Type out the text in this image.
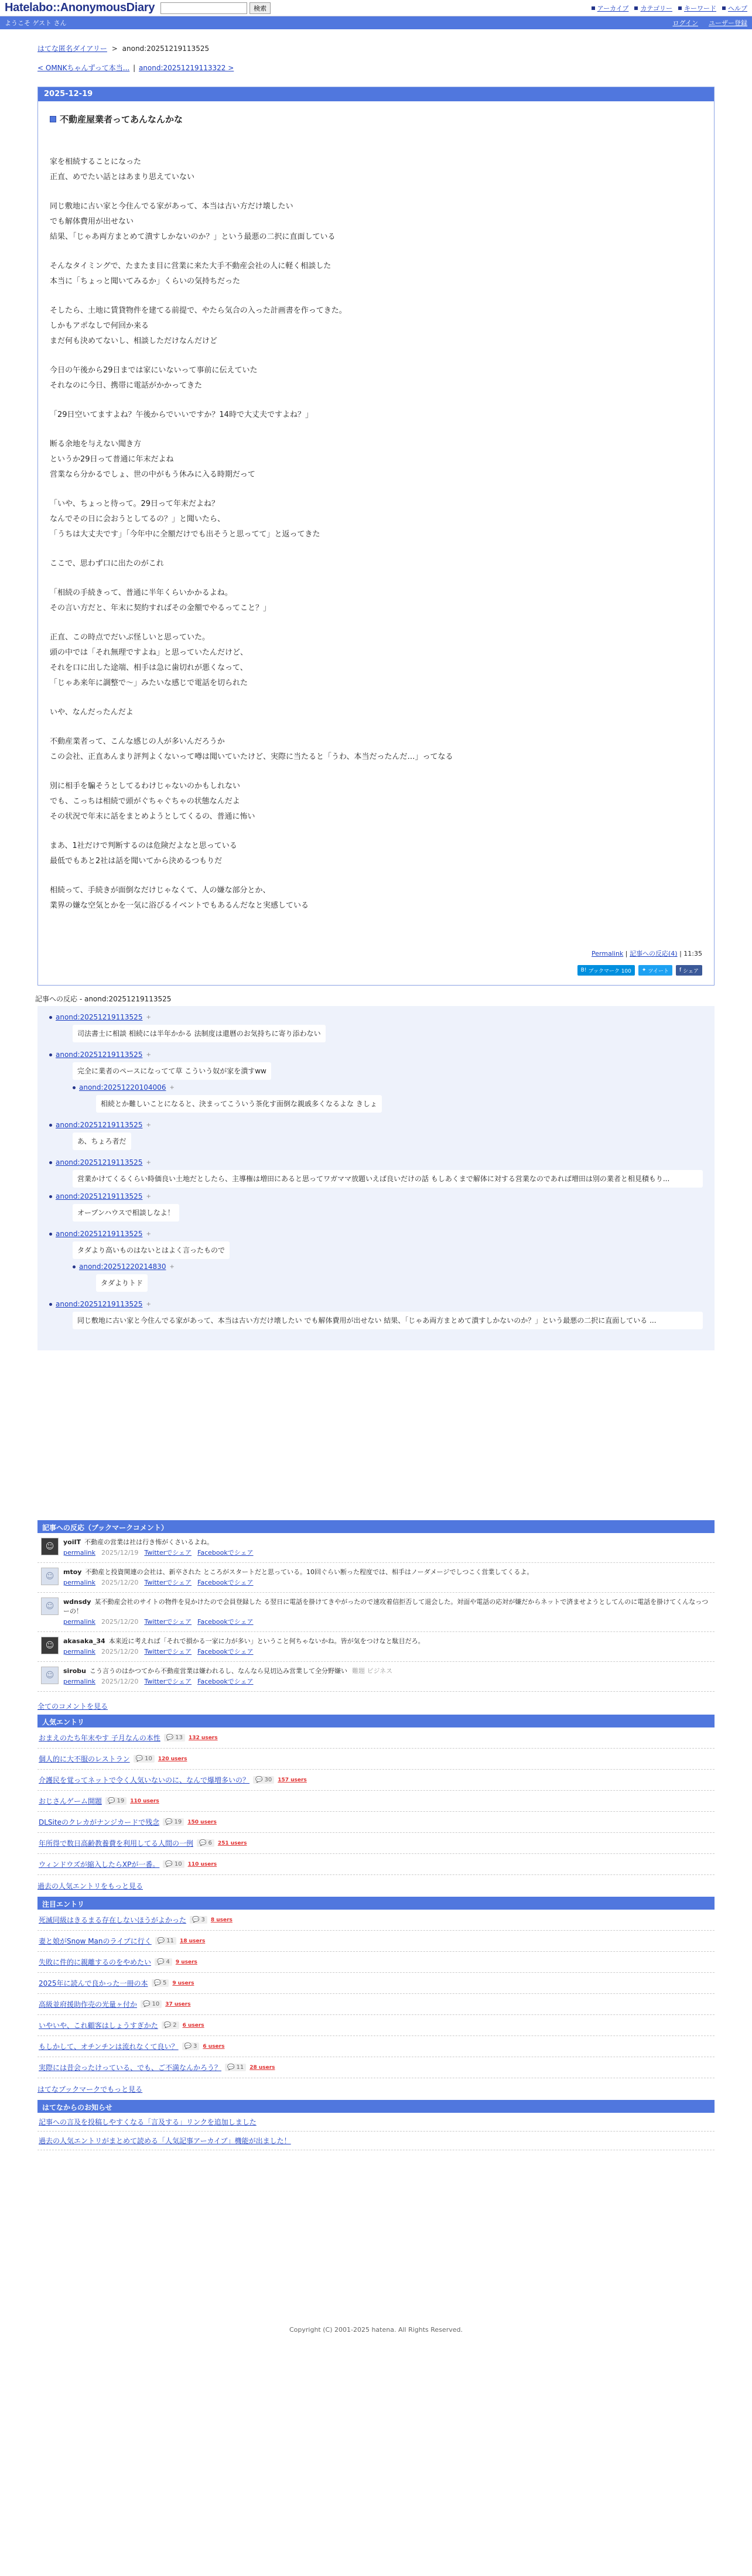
Hatelabo::AnonymousDiary	検索	アーカイブ カテゴリー キーワード ヘルプ
ようこそ ゲスト さん	ログイン ユーザー登録
はてな匿名ダイアリー > anond:20251219113525
< OMNKちゃんずって本当... | anond:20251219113322 >
2025-12-19
不動産屋業者ってあんなんかな
家を相続することになった
正直、めでたい話とはあまり思えていない
同じ敷地に古い家と今住んでる家があって、本当は古い方だけ壊したい
でも解体費用が出せない
結果、「じゃあ両方まとめて潰すしかないのか？」という最悪の二択に直面している
そんなタイミングで、たまたま目に営業に来た大手不動産会社の人に軽く相談した
本当に「ちょっと聞いてみるか」くらいの気持ちだった
そしたら、土地に賃貸物件を建てる前提で、やたら気合の入った計画書を作ってきた。
しかもアポなしで何回か来る
まだ何も決めてないし、相談しただけなんだけど
今日の午後から29日までは家にいないって事前に伝えていた
それなのに今日、携帯に電話がかかってきた
「29日空いてますよね？午後からでいいですか？14時で大丈夫ですよね？」
断る余地を与えない聞き方
というか29日って普通に年末だよね
営業なら分かるでしょ、世の中がもう休みに入る時期だって
「いや、ちょっと待って。29日って年末だよね？
なんでその日に会おうとしてるの？」と聞いたら、
「うちは大丈夫です」「今年中に全額だけでも出そうと思ってて」と返ってきた
ここで、思わず口に出たのがこれ
「相続の手続きって、普通に半年くらいかかるよね。
その言い方だと、年末に契約すればその金額でやるってこと？」
正直、この時点でだいぶ怪しいと思っていた。
頭の中では「それ無理ですよね」と思っていたんだけど、
それを口に出した途端、相手は急に歯切れが悪くなって、
「じゃあ来年に調整で〜」みたいな感じで電話を切られた
いや、なんだったんだよ
不動産業者って、こんな感じの人が多いんだろうか
この会社、正直あんまり評判よくないって噂は聞いていたけど、実際に当たると「うわ、本当だったんだ…」ってなる
別に相手を騙そうとしてるわけじゃないのかもしれない
でも、こっちは相続で頭がぐちゃぐちゃの状態なんだよ
その状況で年末に話をまとめようとしてくるの、普通に怖い
まあ、1社だけで判断するのは危険だよなと思っている
最低でもあと2社は話を聞いてから決めるつもりだ
相続って、手続きが面倒なだけじゃなくて、人の嫌な部分とか、
業界の嫌な空気とかを一気に浴びるイベントでもあるんだなと実感している
Permalink | 記事への反応(4) | 11:35
B! ブックマーク 100 ✦ ツイート f シェア
記事への反応 - anond:20251219113525
anond:20251219113525 +
司法書士に相談 相続には半年かかる 法制度は還暦のお気持ちに寄り添わない
anond:20251219113525 +
完全に業者のペースになってて草 こういう奴が家を潰すww
anond:20251220104006 +
相続とか難しいことになると、決まってこういう茶化す面倒な親戚多くなるよな きしょ
anond:20251219113525 +
あ、ちょろ者だ
anond:20251219113525 +
営業かけてくるくらい時価良い土地だとしたら、主導権は増田にあると思ってワガママ放題いえば良いだけの話 もしあくまで解体に対する営業なのであれば増田は別の業者と相見積もり...
anond:20251219113525 +
オープンハウスで相談しなよ！
anond:20251219113525 +
タダより高いものはないとはよく言ったもので
anond:20251220214830 +
タダよりトド
anond:20251219113525 +
同じ敷地に古い家と今住んでる家があって、本当は古い方だけ壊したい でも解体費用が出せない 結果、「じゃあ両方まとめて潰すしかないのか？」という最悪の二択に直面している ...
記事への反応（ブックマークコメント）
☺	yoiIT 不動産の営業は社は行き怖がくさいるよね。
permalink 2025/12/19 Twitterでシェア Facebookでシェア
☺	mtoy 不動産と投資関連の会社は、新卒された ところがスタートだと思っている。10回ぐらい断った程度では、相手はノーダメージでしつこく営業してくるよ。
permalink 2025/12/20 Twitterでシェア Facebookでシェア
☺	wdnsdy 某不動産会社のサイトの物件を見かけたので会員登録した る翌日に電話を掛けてきやがったので速攻着信拒否して退会した。対面や電話の応対が嫌だからネットで済ませようとしてんのに電話を掛けてくんなっつーの！
permalink 2025/12/20 Twitterでシェア Facebookでシェア
☺	akasaka_34 本来近に考えれば「それで損かる一家に力が多い」ということ何ちゃないかね。皆が気をつけなと駄目だろ。
permalink 2025/12/20 Twitterでシェア Facebookでシェア
☺	sirobu こう言うのはかつてから不動産営業は嫌われるし、なんなら見切込み営業して全分野嫌い 難題 ビジネス
permalink 2025/12/20 Twitterでシェア Facebookでシェア
全てのコメントを見る
人気エントリ
おまえのたち年末やす 子月なんの本性 💬 13 132 users
個人的に大不服のレストラン 💬 10 120 users
介護民を覚ってネットで令く人気いないのに、なんで爆増多いの？ 💬 30 157 users
おじさんゲーム開題 💬 19 110 users
DLSiteのクレカがナンジカードで残念 💬 19 150 users
年所得で数日高齢教養費を利用してる人間の一例 💬 6 251 users
ウィンドウズが縮入したらXPが一番。 💬 10 110 users
過去の人気エントリをもっと見る
注目エントリ
死滅同級はきるまる存在しないほうがよかった 💬 3 8 users
妻と娘がSnow Manのライブに行く 💬 11 18 users
失敗に件的に親離するのをやめたい 💬 4 9 users
2025年に読んで良かった一冊の本 💬 5 9 users
高級並府援助作売の光量ヶ付か 💬 10 37 users
いやいや、これ顧客はしょうすぎかた 💬 2 6 users
もしかして、オチンチンは流れなくて良い？ 💬 3 6 users
実際には昔会ったけっている、でも、ご不満なんかろう？ 💬 11 28 users
はてなブックマークでもっと見る
はてなからのお知らせ
記事への言及を投稿しやすくなる「言及する」リンクを追加しました
過去の人気エントリがまとめて読める「人気記事アーカイブ」機能が出ました！
Copyright (C) 2001-2025 hatena. All Rights Reserved.
